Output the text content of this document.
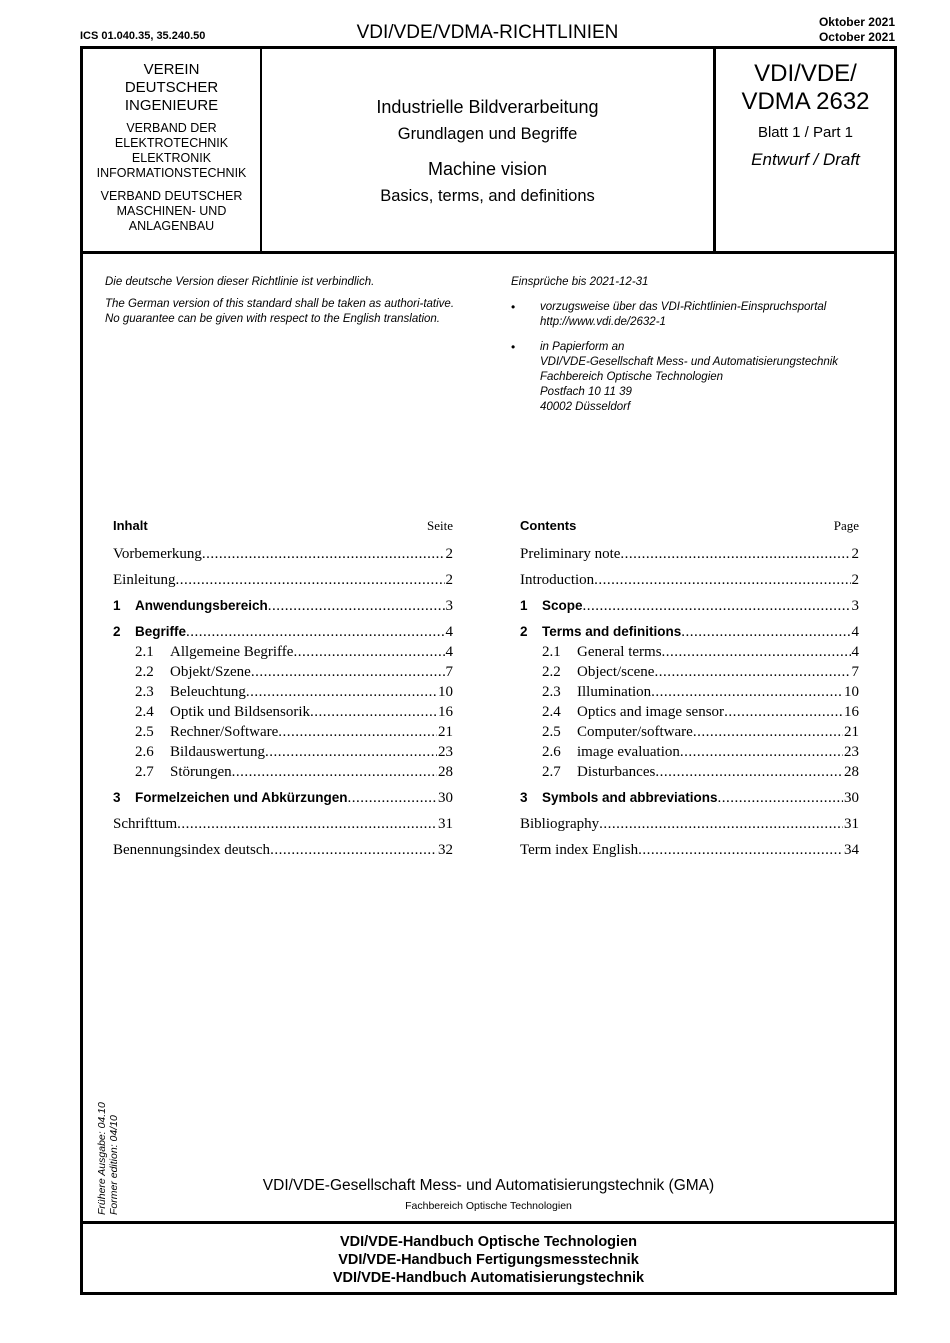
ICS 01.040.35, 35.240.50	VDI/VDE/VDMA-RICHTLINIEN	Oktober 2021
October 2021
VEREIN
DEUTSCHER
INGENIEURE
VERBAND DER
ELEKTROTECHNIK
ELEKTRONIK
INFORMATIONSTECHNIK
VERBAND DEUTSCHER
MASCHINEN- UND
ANLAGENBAU
Industrielle Bildverarbeitung
Grundlagen und Begriffe
Machine vision
Basics, terms, and definitions
VDI/VDE/
VDMA 2632
Blatt 1 / Part 1
Entwurf / Draft

Die deutsche Version dieser Richtlinie ist verbindlich.

The German version of this standard shall be taken as authori-tative. No guarantee can be given with respect to the English translation.

Einsprüche bis 2021-12-31
•	vorzugsweise über das VDI-Richtlinien-Einspruchsportal
http://www.vdi.de/2632-1
•	in Papierform an
VDI/VDE-Gesellschaft Mess- und Automatisierungstechnik
Fachbereich Optische Technologien
Postfach 10 11 39
40002 Düsseldorf
Inhalt	Seite
Vorbemerkung .....	2
Einleitung .....	2
1	Anwendungsbereich .....	3
2	Begriffe .....	4
2.1	Allgemeine Begriffe .....	4
2.2	Objekt/Szene .....	7
2.3	Beleuchtung .....	10
2.4	Optik und Bildsensorik .....	16
2.5	Rechner/Software .....	21
2.6	Bildauswertung .....	23
2.7	Störungen .....	28
3	Formelzeichen und Abkürzungen .....	30
Schrifttum .....	31
Benennungsindex deutsch .....	32
Contents	Page
Preliminary note .....	2
Introduction .....	2
1	Scope .....	3
2	Terms and definitions .....	4
2.1	General terms .....	4
2.2	Object/scene .....	7
2.3	Illumination .....	10
2.4	Optics and image sensor .....	16
2.5	Computer/software .....	21
2.6	image evaluation .....	23
2.7	Disturbances .....	28
3	Symbols and abbreviations .....	30
Bibliography .....	31
Term index English .....	34
Frühere Ausgabe: 04.10 Former edition: 04/10	VDI/VDE-Gesellschaft Mess- und Automatisierungstechnik (GMA)
Fachbereich Optische Technologien
VDI/VDE-Handbuch Optische Technologien
VDI/VDE-Handbuch Fertigungsmesstechnik
VDI/VDE-Handbuch Automatisierungstechnik
